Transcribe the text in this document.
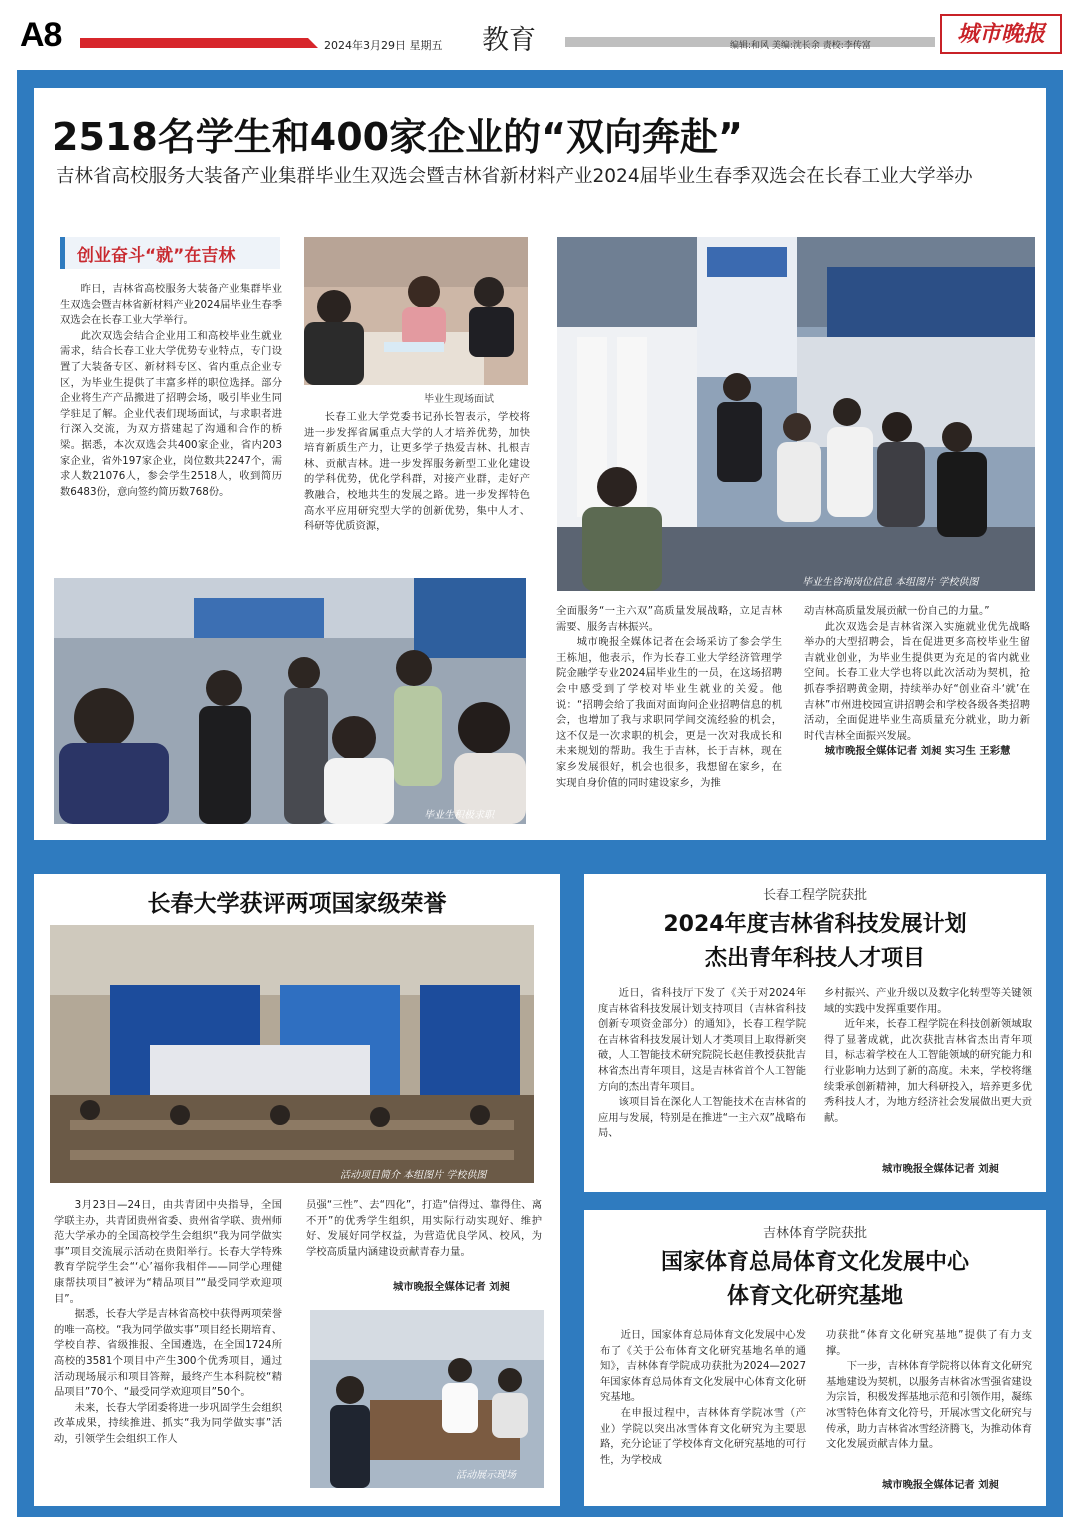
A8	2024年3月29日 星期五 教育	编辑:和风 美编:沈长余 责校:李传富	城市晚报
2518名学生和400家企业的“双向奔赴”
吉林省高校服务大装备产业集群毕业生双选会暨吉林省新材料产业2024届毕业生春季双选会在长春工业大学举办
创业奋斗“就”在吉林

昨日，吉林省高校服务大装备产业集群毕业生双选会暨吉林省新材料产业2024届毕业生春季双选会在长春工业大学举行。

此次双选会结合企业用工和高校毕业生就业需求，结合长春工业大学优势专业特点，专门设置了大装备专区、新材料专区、省内重点企业专区，为毕业生提供了丰富多样的职位选择。部分企业将生产产品搬进了招聘会场，吸引毕业生同学驻足了解。企业代表们现场面试，与求职者进行深入交流，为双方搭建起了沟通和合作的桥梁。据悉，本次双选会共400家企业，省内203家企业，省外197家企业，岗位数共2247个，需求人数21076人，参会学生2518人，收到简历数6483份，意向签约简历数768份。

毕业生现场面试

长春工业大学党委书记孙长智表示，学校将进一步发挥省属重点大学的人才培养优势，加快培育新质生产力，让更多学子热爱吉林、扎根吉林、贡献吉林。进一步发挥服务新型工业化建设的学科优势，优化学科群，对接产业群，走好产教融合，校地共生的发展之路。进一步发挥特色高水平应用研究型大学的创新优势，集中人才、科研等优质资源，

毕业生咨询岗位信息 本组图片 学校供图
毕业生积极求职

全面服务“一主六双”高质量发展战略，立足吉林需要、服务吉林振兴。

城市晚报全媒体记者在会场采访了参会学生王栋旭，他表示，作为长春工业大学经济管理学院金融学专业2024届毕业生的一员，在这场招聘会中感受到了学校对毕业生就业的关爱。他说：“招聘会给了我面对面询问企业招聘信息的机会，也增加了我与求职同学间交流经验的机会，这不仅是一次求职的机会，更是一次对我成长和未来规划的帮助。我生于吉林，长于吉林，现在家乡发展很好，机会也很多，我想留在家乡，在实现自身价值的同时建设家乡，为推

动吉林高质量发展贡献一份自己的力量。”

此次双选会是吉林省深入实施就业优先战略举办的大型招聘会，旨在促进更多高校毕业生留吉就业创业，为毕业生提供更为充足的省内就业空间。长春工业大学也将以此次活动为契机，抢抓春季招聘黄金期，持续举办好“创业奋斗‘就’在吉林”市州进校园宣讲招聘会和学校各级各类招聘活动，全面促进毕业生高质量充分就业，助力新时代吉林全面振兴发展。

城市晚报全媒体记者 刘昶 实习生 王彩慧

长春大学获评两项国家级荣誉
活动项目简介 本组图片 学校供图

3月23日—24日，由共青团中央指导，全国学联主办，共青团贵州省委、贵州省学联、贵州师范大学承办的全国高校学生会组织“我为同学做实事”项目交流展示活动在贵阳举行。长春大学特殊教育学院学生会“‘心’福你我相伴——同学心理健康帮扶项目”被评为“精品项目”“最受同学欢迎项目”。

据悉，长春大学是吉林省高校中获得两项荣誉的唯一高校。“我为同学做实事”项目经长期培育、学校自荐、省级推报、全国遴选，在全国1724所高校的3581个项目中产生300个优秀项目，通过活动现场展示和项目答辩，最终产生本科院校“精品项目”70个、“最受同学欢迎项目”50个。

未来，长春大学团委将进一步巩固学生会组织改革成果，持续推进、抓实“我为同学做实事”活动，引领学生会组织工作人

员强“三性”、去“四化”，打造“信得过、靠得住、离不开”的优秀学生组织，用实际行动实现好、维护好、发展好同学权益，为营造优良学风、校风，为学校高质量内涵建设贡献青春力量。

城市晚报全媒体记者 刘昶
活动展示现场
长春工程学院获批
2024年度吉林省科技发展计划
杰出青年科技人才项目

近日，省科技厅下发了《关于对2024年度吉林省科技发展计划支持项目（吉林省科技创新专项资金部分）的通知》，长春工程学院在吉林省科技发展计划人才类项目上取得新突破，人工智能技术研究院院长赵佳教授获批吉林省杰出青年项目，这是吉林省首个人工智能方向的杰出青年项目。

该项目旨在深化人工智能技术在吉林省的应用与发展，特别是在推进“一主六双”战略布局、

乡村振兴、产业升级以及数字化转型等关键领域的实践中发挥重要作用。

近年来，长春工程学院在科技创新领域取得了显著成就，此次获批吉林省杰出青年项目，标志着学校在人工智能领域的研究能力和行业影响力达到了新的高度。未来，学校将继续秉承创新精神，加大科研投入，培养更多优秀科技人才，为地方经济社会发展做出更大贡献。

城市晚报全媒体记者 刘昶
吉林体育学院获批
国家体育总局体育文化发展中心
体育文化研究基地

近日，国家体育总局体育文化发展中心发布了《关于公布体育文化研究基地名单的通知》，吉林体育学院成功获批为2024—2027年国家体育总局体育文化发展中心体育文化研究基地。

在申报过程中，吉林体育学院冰雪（产业）学院以突出冰雪体育文化研究为主要思路，充分论证了学校体育文化研究基地的可行性，为学校成

功获批“体育文化研究基地”提供了有力支撑。

下一步，吉林体育学院将以体育文化研究基地建设为契机，以服务吉林省冰雪强省建设为宗旨，积极发挥基地示范和引领作用，凝练冰雪特色体育文化符号，开展冰雪文化研究与传承，助力吉林省冰雪经济腾飞，为推动体育文化发展贡献吉体力量。

城市晚报全媒体记者 刘昶
